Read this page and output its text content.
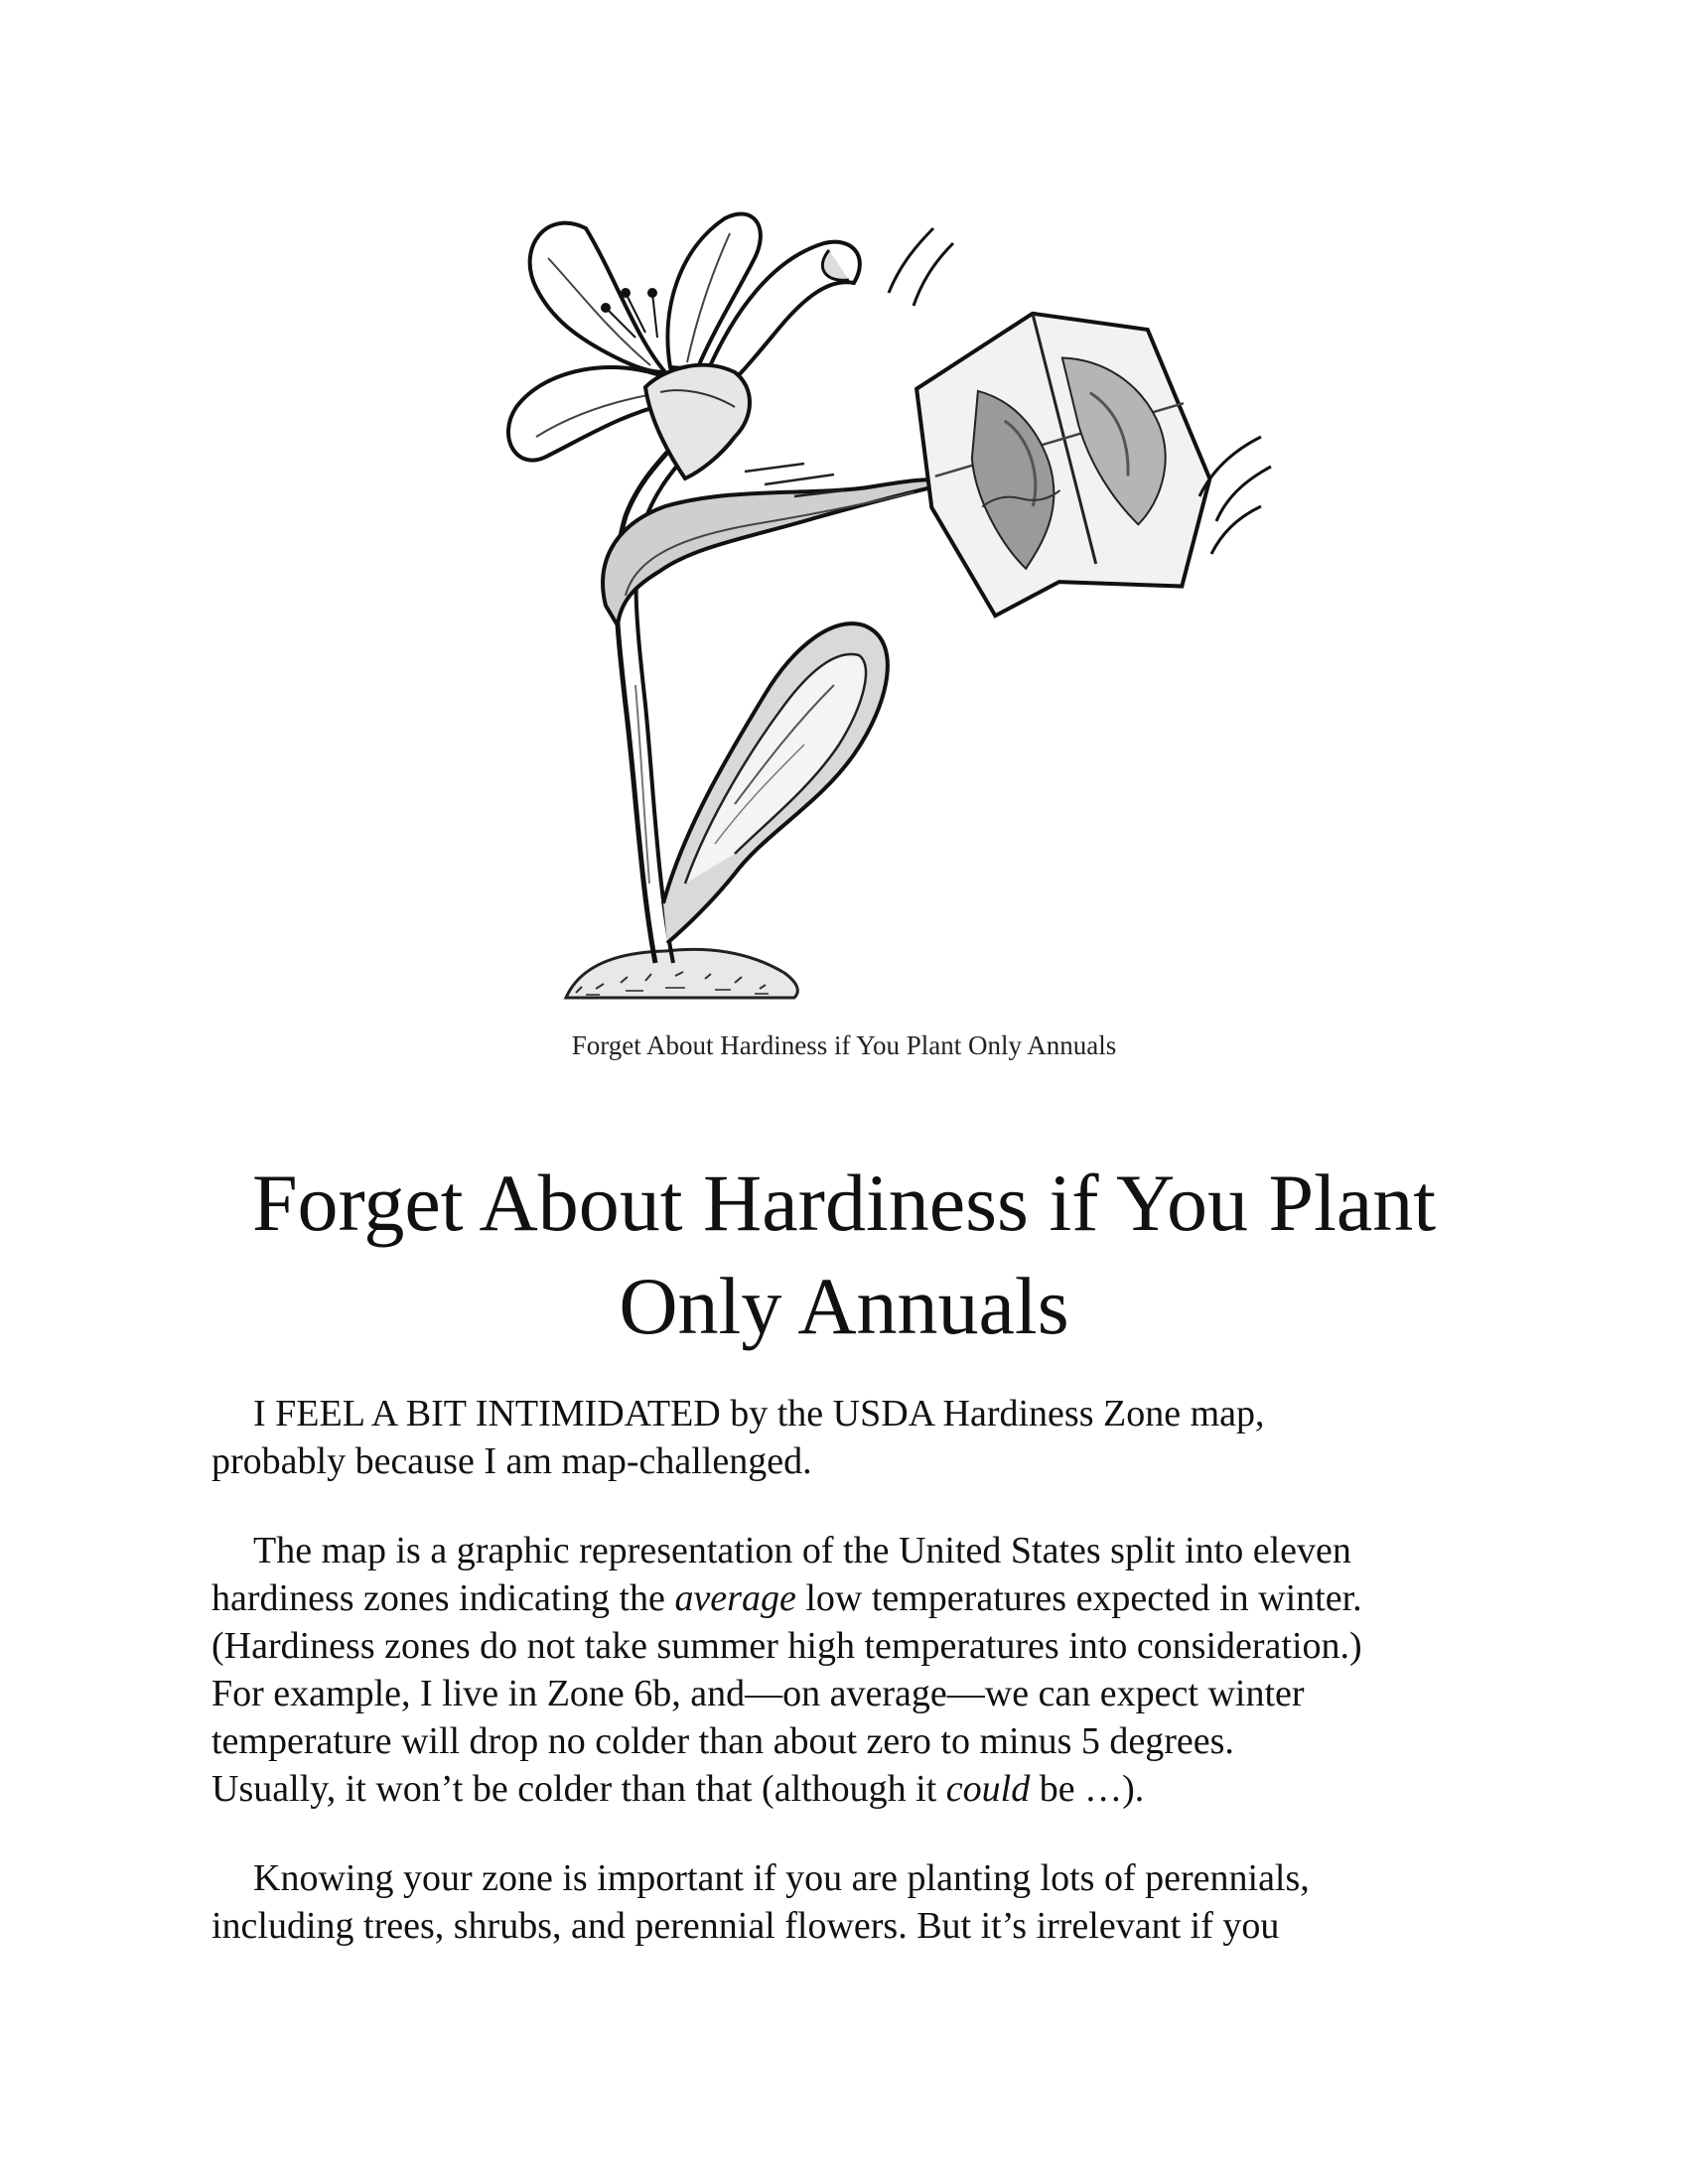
Forget About Hardiness if You Plant Only Annuals
Forget About Hardiness if You Plant
Only Annuals

I FEEL A BIT INTIMIDATED by the USDA Hardiness Zone map,
probably because I am map-challenged.

The map is a graphic representation of the United States split into eleven
hardiness zones indicating the average low temperatures expected in winter.
(Hardiness zones do not take summer high temperatures into consideration.)
For example, I live in Zone 6b, and—on average—we can expect winter
temperature will drop no colder than about zero to minus 5 degrees.
Usually, it won’t be colder than that (although it could be …).

Knowing your zone is important if you are planting lots of perennials,
including trees, shrubs, and perennial flowers. But it’s irrelevant if you
